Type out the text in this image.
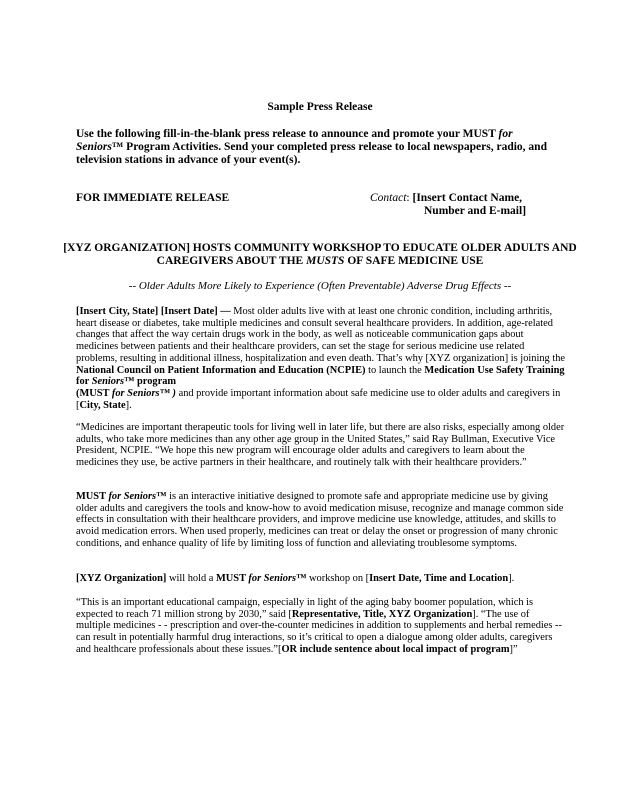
Sample Press Release
Use the following fill-in-the-blank press release to announce and promote your MUST for
Seniors™ Program Activities. Send your completed press release to local newspapers, radio, and television stations in advance of your event(s).
FOR IMMEDIATE RELEASE	Contact: [Insert Contact Name,
Number and E-mail]
[XYZ ORGANIZATION] HOSTS COMMUNITY WORKSHOP TO EDUCATE OLDER ADULTS AND CAREGIVERS ABOUT THE MUSTS OF SAFE MEDICINE USE
-- Older Adults More Likely to Experience (Often Preventable) Adverse Drug Effects --
[Insert City, State] [Insert Date] –– Most older adults live with at least one chronic condition, including arthritis, heart disease or diabetes, take multiple medicines and consult several healthcare providers. In addition, age-related changes that affect the way certain drugs work in the body, as well as noticeable communication gaps about medicines between patients and their healthcare providers, can set the stage for serious medicine use related problems, resulting in additional illness, hospitalization and even death. That’s why [XYZ organization] is joining the National Council on Patient Information and Education (NCPIE) to launch the Medication Use Safety Training for Seniors™ program
(MUST for Seniors™ ) and provide important information about safe medicine use to older adults and caregivers in [City, State].
“Medicines are important therapeutic tools for living well in later life, but there are also risks, especially among older adults, who take more medicines than any other age group in the United States,” said Ray Bullman, Executive Vice President, NCPIE. “We hope this new program will encourage older adults and caregivers to learn about the medicines they use, be active partners in their healthcare, and routinely talk with their healthcare providers.”
MUST for Seniors™ is an interactive initiative designed to promote safe and appropriate medicine use by giving older adults and caregivers the tools and know-how to avoid medication misuse, recognize and manage common side effects in consultation with their healthcare providers, and improve medicine use knowledge, attitudes, and skills to avoid medication errors. When used properly, medicines can treat or delay the onset or progression of many chronic conditions, and enhance quality of life by limiting loss of function and alleviating troublesome symptoms.
[XYZ Organization] will hold a MUST for Seniors™ workshop on [Insert Date, Time and Location].
“This is an important educational campaign, especially in light of the aging baby boomer population, which is expected to reach 71 million strong by 2030,” said [Representative, Title, XYZ Organization]. “The use of multiple medicines - - prescription and over-the-counter medicines in addition to supplements and herbal remedies -- can result in potentially harmful drug interactions, so it’s critical to open a dialogue among older adults, caregivers and healthcare professionals about these issues.”[OR include sentence about local impact of program]”
